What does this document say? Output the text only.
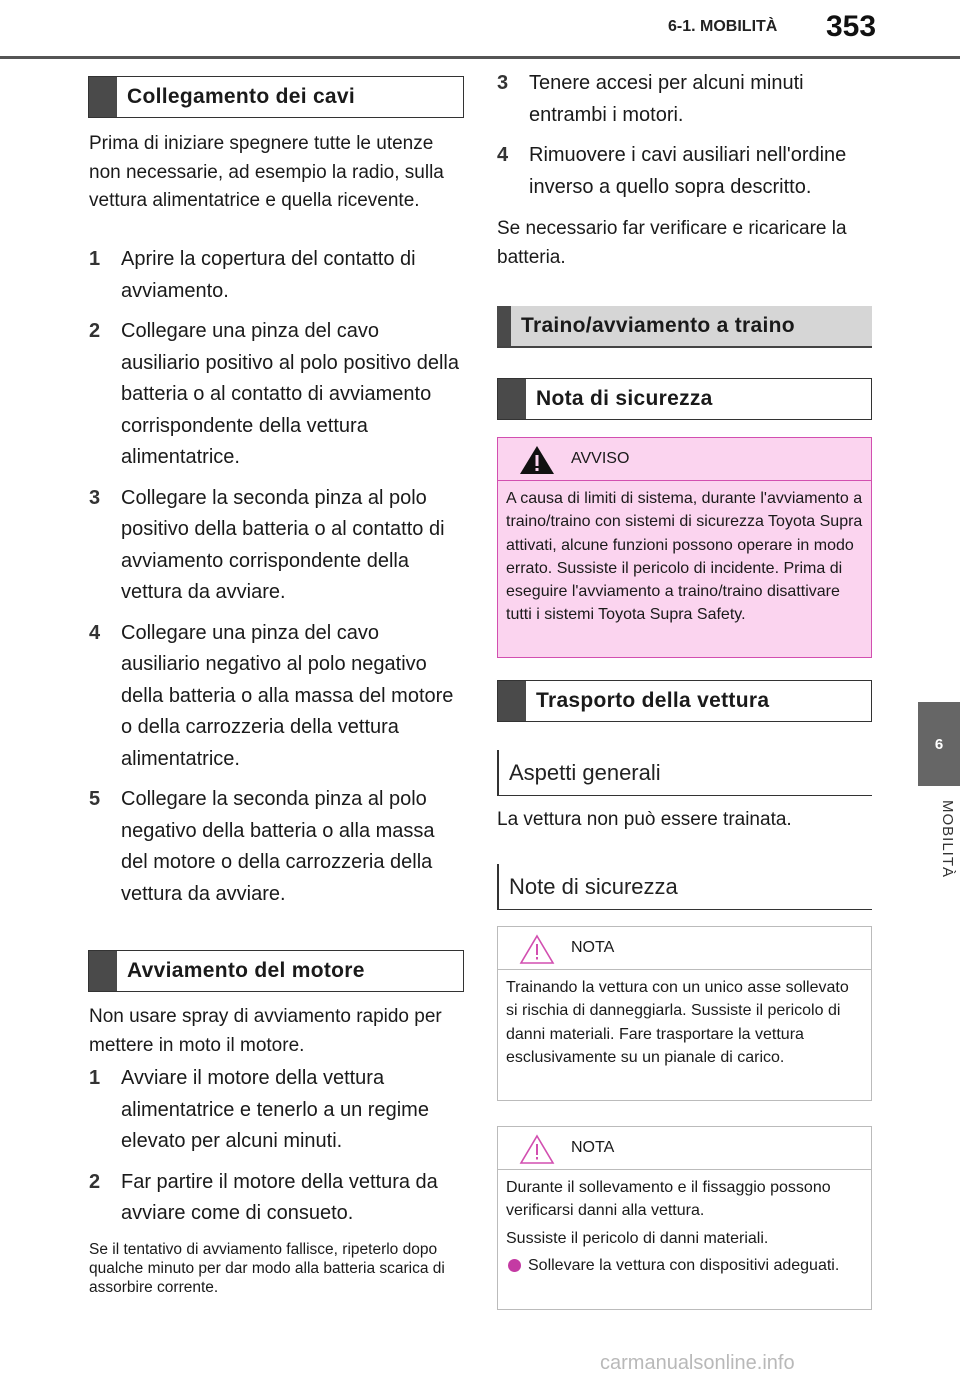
6-1. MOBILITÀ 353
6
MOBILITÀ
Collegamento dei cavi
Prima di iniziare spegnere tutte le utenze non necessarie, ad esempio la radio, sulla vettura alimentatrice e quella ricevente.
1	Aprire la copertura del contatto di avviamento.
2	Collegare una pinza del cavo ausiliario positivo al polo positivo della batteria o al contatto di avviamento corrispondente della vettura alimentatrice.
3	Collegare la seconda pinza al polo positivo della batteria o al contatto di avviamento corrispondente della vettura da avviare.
4	Collegare una pinza del cavo ausiliario negativo al polo negativo della batteria o alla massa del motore o della carrozzeria della vettura alimentatrice.
5	Collegare la seconda pinza al polo negativo della batteria o alla massa del motore o della carrozzeria della vettura da avviare.
Avviamento del motore
Non usare spray di avviamento rapido per mettere in moto il motore.
1	Avviare il motore della vettura alimentatrice e tenerlo a un regime elevato per alcuni minuti.
2	Far partire il motore della vettura da avviare come di consueto.
Se il tentativo di avviamento fallisce, ripeterlo dopo qualche minuto per dar modo alla batteria scarica di assorbire corrente.
3	Tenere accesi per alcuni minuti entrambi i motori.
4	Rimuovere i cavi ausiliari nell'ordine inverso a quello sopra descritto.
Se necessario far verificare e ricaricare la batteria.
Traino/avviamento a traino
Nota di sicurezza
AVVISO
A causa di limiti di sistema, durante l'avviamento a traino/traino con sistemi di sicurezza Toyota Supra attivati, alcune funzioni possono operare in modo errato. Sussiste il pericolo di incidente. Prima di eseguire l'avviamento a traino/traino disattivare tutti i sistemi Toyota Supra Safety.
Trasporto della vettura
Aspetti generali
La vettura non può essere trainata.
Note di sicurezza
NOTA
Trainando la vettura con un unico asse sollevato si rischia di danneggiarla. Sussiste il pericolo di danni materiali. Fare trasportare la vettura esclusivamente su un pianale di carico.
NOTA
Durante il sollevamento e il fissaggio possono verificarsi danni alla vettura.
Sussiste il pericolo di danni materiali.
Sollevare la vettura con dispositivi adeguati.
carmanualsonline.info
